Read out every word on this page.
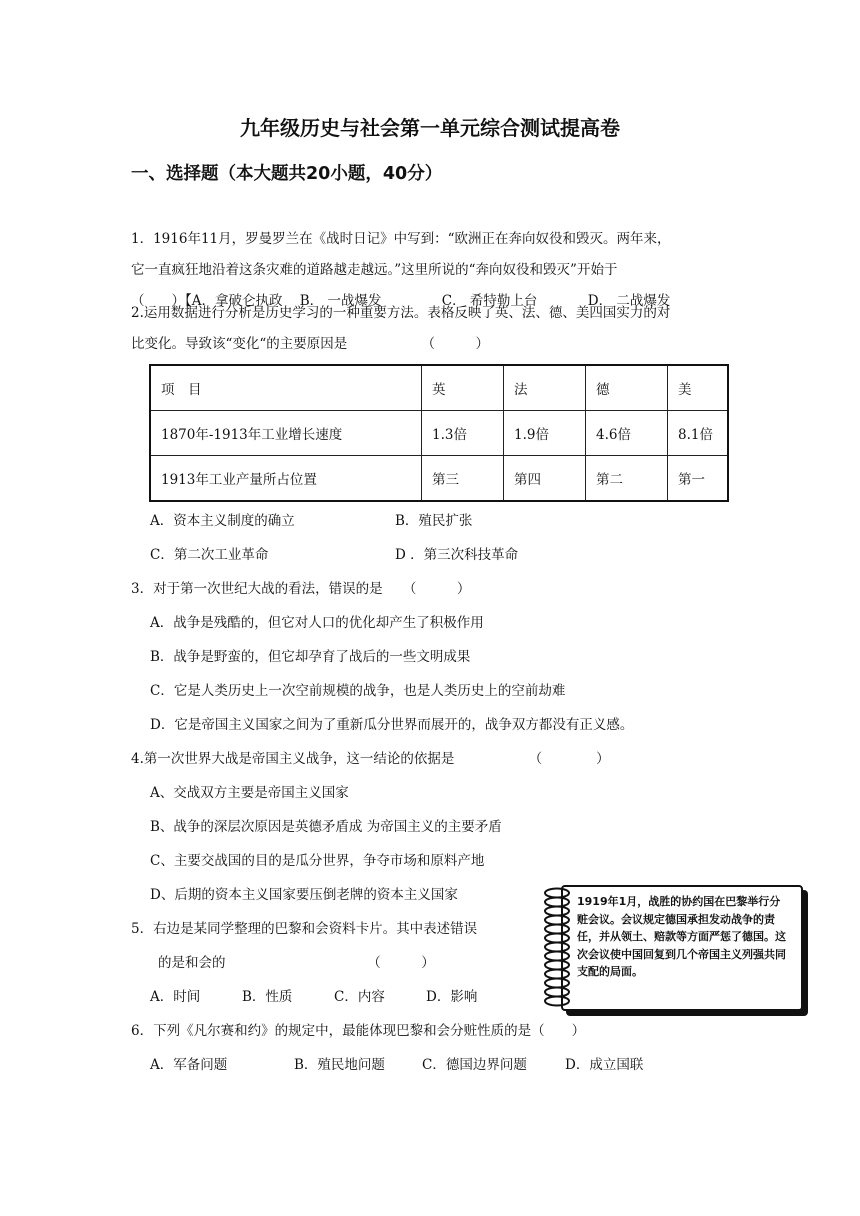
九年级历史与社会第一单元综合测试提高卷
一、选择题（本大题共20小题，40分）
1．1916年11月，罗曼罗兰在《战时日记》中写到：“欧洲正在奔向奴役和毁灭。两年来，
它一直疯狂地沿着这条灾难的道路越走越远。”这里所说的“奔向奴役和毁灭”开始于
（　　）【A．拿破仑执政 B． 一战爆发	C． 希特勒上台	D． 二战爆发
2.运用数据进行分析是历史学习的一种重要方法。表格反映了英、法、德、美四国实力的对
比变化。导致该“变化“的主要原因是　　　　　　（　　　）
项　目	英	法	德	美
1870年-1913年工业增长速度	1.3倍	1.9倍	4.6倍	8.1倍
1913年工业产量所占位置	第三	第四	第二	第一
A．资本主义制度的确立	B．殖民扩张
C．第二次工业革命	D ．第三次科技革命
3．对于第一次世纪大战的看法，错误的是　　（　　　）
A．战争是残酷的，但它对人口的优化却产生了积极作用
B．战争是野蛮的，但它却孕育了战后的一些文明成果
C．它是人类历史上一次空前规模的战争，也是人类历史上的空前劫难
D．它是帝国主义国家之间为了重新瓜分世界而展开的，战争双方都没有正义感。
4.第一次世界大战是帝国主义战争，这一结论的依据是　　　　　　（　　　　）
A、交战双方主要是帝国主义国家
B、战争的深层次原因是英德矛盾成 为帝国主义的主要矛盾
C、主要交战国的目的是瓜分世界，争夺市场和原料产地
D、后期的资本主义国家要压倒老牌的资本主义国家
5．右边是某同学整理的巴黎和会资料卡片。其中表述错误
的是和会的　　　　　　　　　　　（　　　）
A．时间	B．性质	C．内容	D．影响
1919年1月，战胜的协约国在巴黎举行分赃会议。会议规定德国承担发动战争的责任，并从领土、赔款等方面严惩了德国。这次会议使中国回复到几个帝国主义列强共同支配的局面。
6．下列《凡尔赛和约》的规定中，最能体现巴黎和会分赃性质的是（　　）
A．军备问题	B．殖民地问题	C．德国边界问题	D．成立国联
